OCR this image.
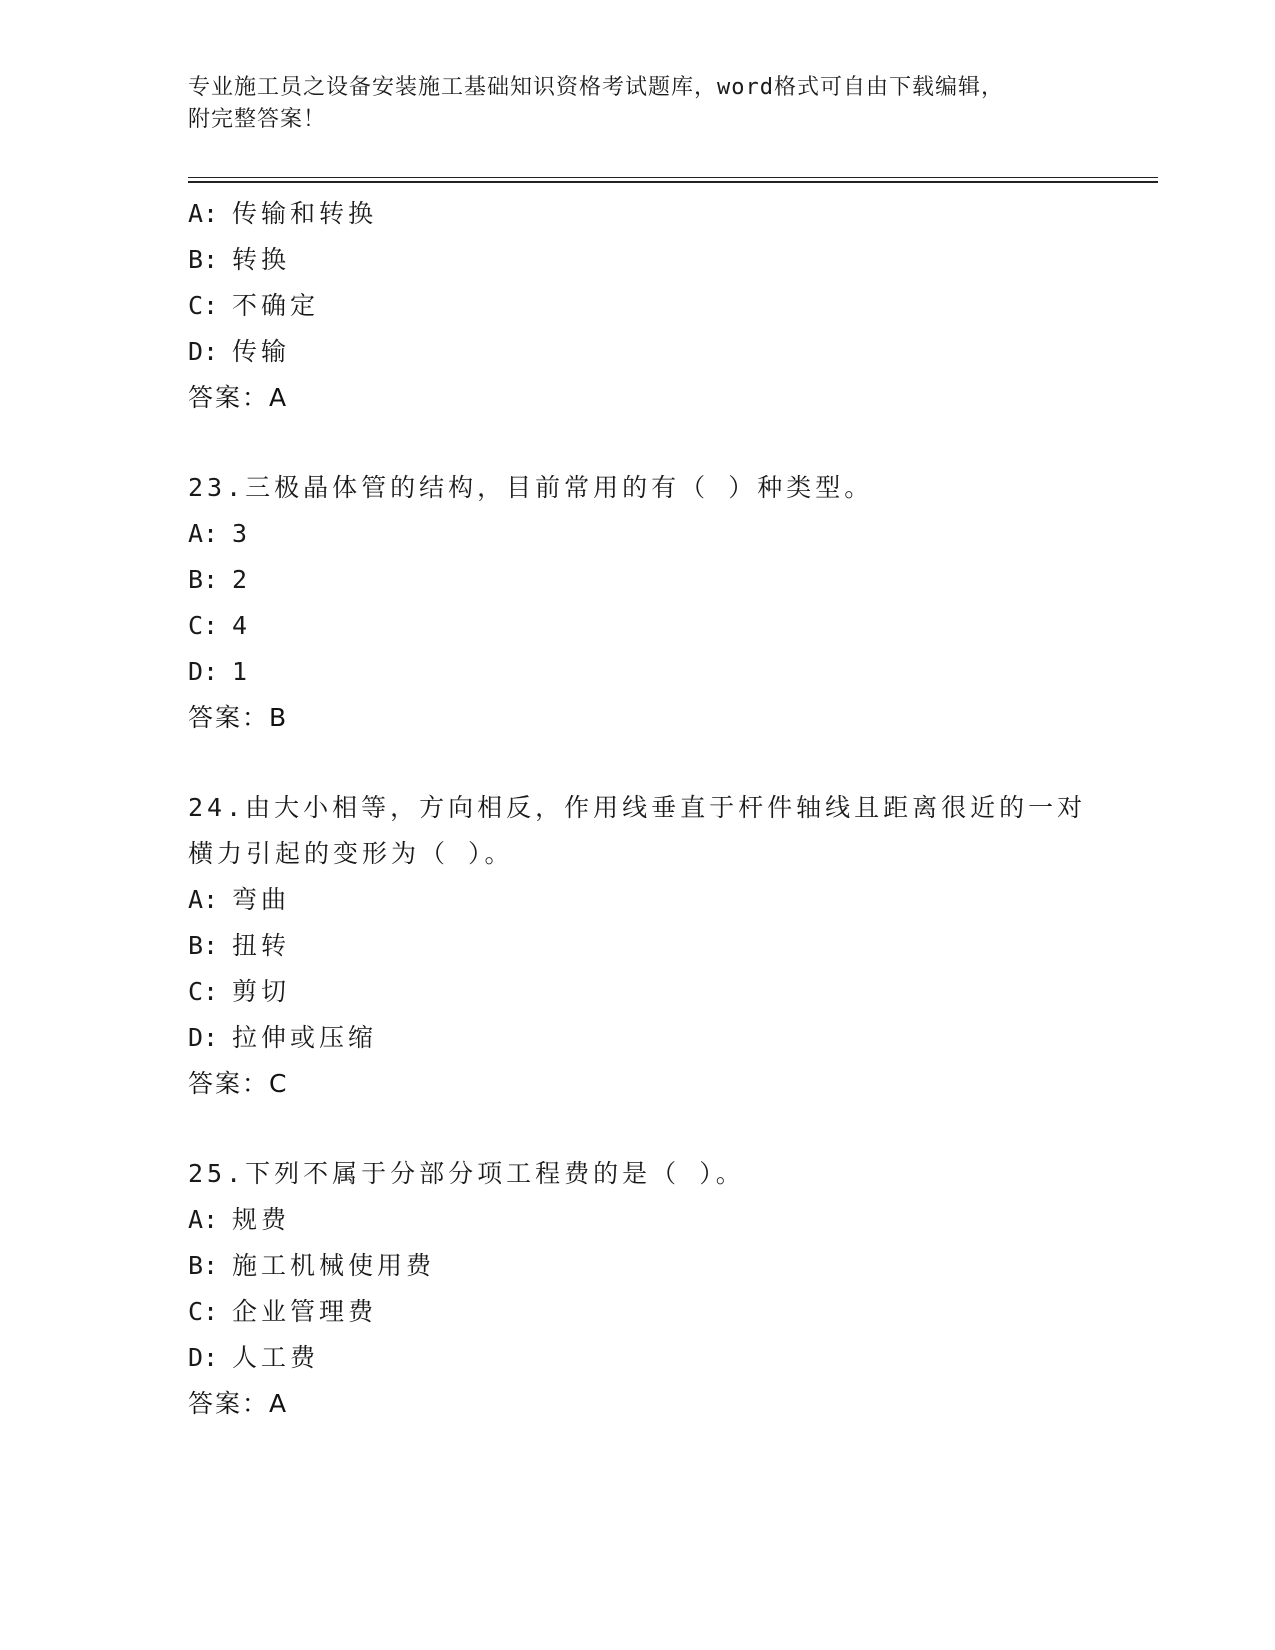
专业施工员之设备安装施工基础知识资格考试题库，word格式可自由下载编辑，
附完整答案！
A: 传输和转换
B: 转换
C: 不确定
D: 传输
答案：A
23.三极晶体管的结构，目前常用的有（ ）种类型。
A: 3
B: 2
C: 4
D: 1
答案：B
24.由大小相等，方向相反，作用线垂直于杆件轴线且距离很近的一对横力引起的变形为（ ）。
A: 弯曲
B: 扭转
C: 剪切
D: 拉伸或压缩
答案：C
25.下列不属于分部分项工程费的是（ ）。
A: 规费
B: 施工机械使用费
C: 企业管理费
D: 人工费
答案：A
